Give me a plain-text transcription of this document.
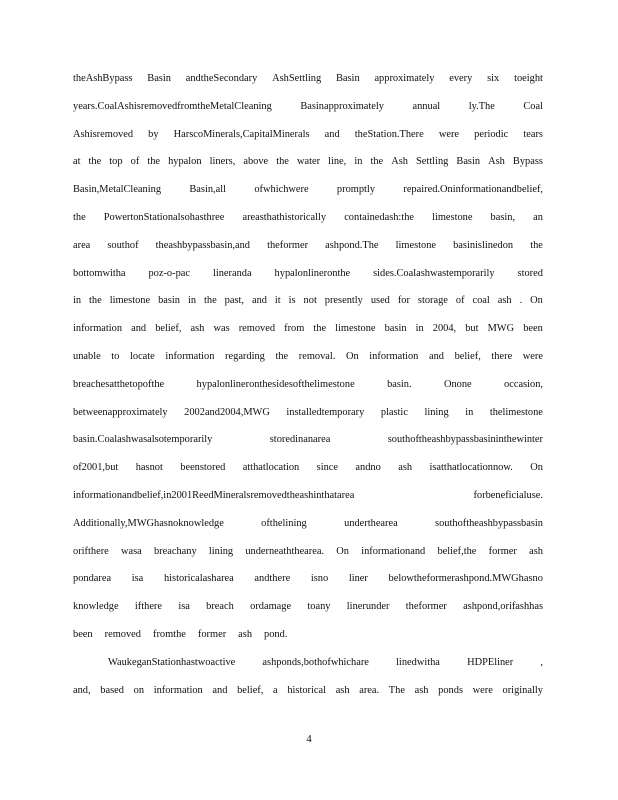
theAshBypass Basin andtheSecondary AshSettling Basin approximately every six toeight
years.CoalAshisremovedfromtheMetalCleaning	Basinapproximately	annual	ly.The	Coal
Ashisremoved by HarscoMinerals,CapitalMinerals and theStation.There were periodic tears
at the top of the hypalon liners, above the water line, in the Ash Settling Basin Ash Bypass
Basin,MetalCleaning	Basin,all	ofwhichwere	promptly	repaired.Oninformationandbelief,
the PowertonStationalsohasthree areasthathistorically containedash:the limestone basin, an
area southof theashbypassbasin,and theformer ashpond.The limestone basinislinedon the
bottomwitha poz-o-pac lineranda hypalonlineronthe sides.Coalashwastemporarily stored
in the limestone basin in the past, and it is not presently used for storage of coal ash . On
information and belief, ash was removed from the limestone basin in 2004, but MWG been
unable to locate information regarding the removal. On information and belief, there were
breachesatthetopofthe	hypalonlineronthesidesofthelimestone	basin.	Onone	occasion,
betweenapproximately 2002and2004,MWG installedtemporary plastic lining in thelimestone
basin.Coalashwasalsotemporarily	storedinanarea	southoftheashbypassbasininthewinter
of2001,but hasnot beenstored atthatlocation since andno ash isatthatlocationnow. On
informationandbelief,in2001ReedMineralsremovedtheashinthatarea	forbeneficialuse.
Additionally,MWGhasnoknowledge	ofthelining	underthearea	southoftheashbypassbasin
orifthere wasa breachany lining underneaththearea. On informationand belief,the former ash
pondarea isa historicalasharea andthere isno liner belowtheformerashpond.MWGhasno
knowledge ifthere isa breach ordamage toany linerunder theformer ashpond,orifashhas
been removed fromthe former ash pond.
WaukeganStationhastwoactive	ashponds,bothofwhichare	linedwitha	HDPEliner	,
and, based on information and belief, a historical ash area. The ash ponds were originally
4
